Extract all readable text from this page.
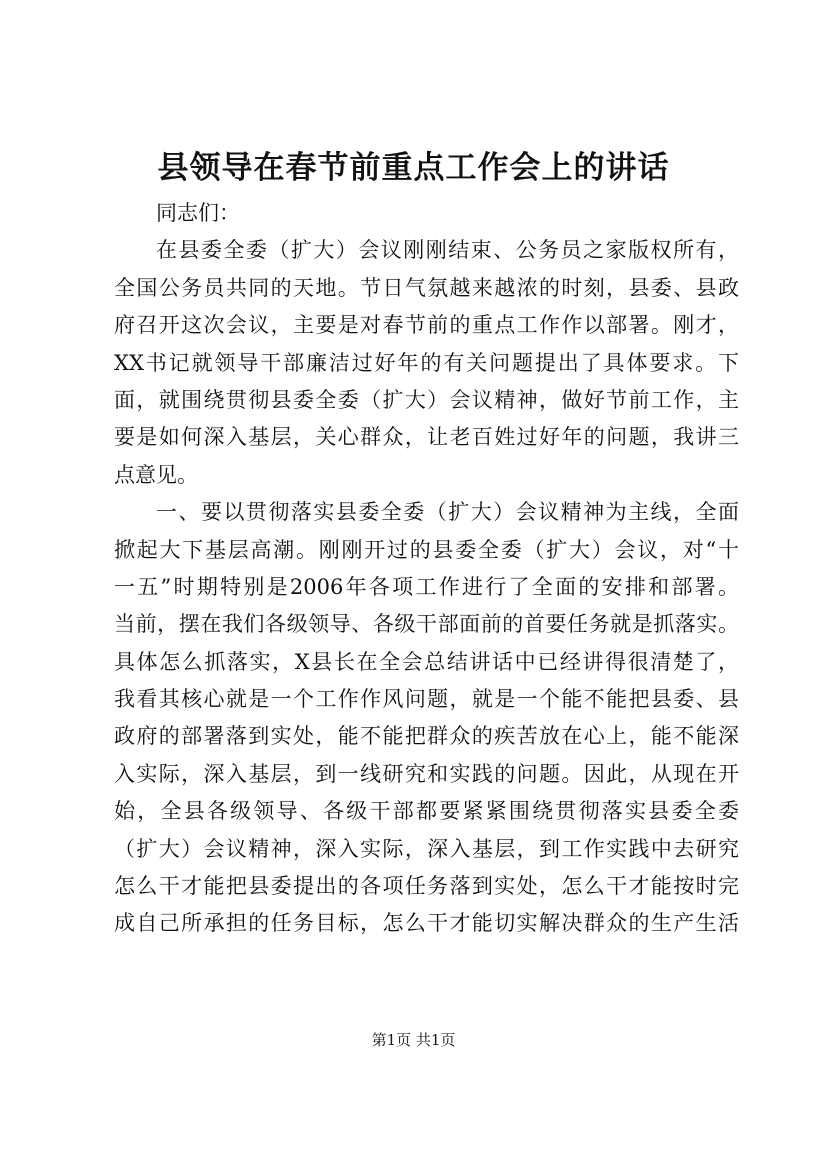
县领导在春节前重点工作会上的讲话
同志们：
在县委全委（扩大）会议刚刚结束、公务员之家版权所有，
全国公务员共同的天地。节日气氛越来越浓的时刻，县委、县政
府召开这次会议，主要是对春节前的重点工作作以部署。刚才，
XX书记就领导干部廉洁过好年的有关问题提出了具体要求。下
面，就围绕贯彻县委全委（扩大）会议精神，做好节前工作，主
要是如何深入基层，关心群众，让老百姓过好年的问题，我讲三
点意见。
一、要以贯彻落实县委全委（扩大）会议精神为主线，全面
掀起大下基层高潮。刚刚开过的县委全委（扩大）会议，对“十
一五”时期特别是2006年各项工作进行了全面的安排和部署。
当前，摆在我们各级领导、各级干部面前的首要任务就是抓落实。
具体怎么抓落实，X县长在全会总结讲话中已经讲得很清楚了，
我看其核心就是一个工作作风问题，就是一个能不能把县委、县
政府的部署落到实处，能不能把群众的疾苦放在心上，能不能深
入实际，深入基层，到一线研究和实践的问题。因此，从现在开
始，全县各级领导、各级干部都要紧紧围绕贯彻落实县委全委
（扩大）会议精神，深入实际，深入基层，到工作实践中去研究
怎么干才能把县委提出的各项任务落到实处，怎么干才能按时完
成自己所承担的任务目标，怎么干才能切实解决群众的生产生活
第1页 共1页
